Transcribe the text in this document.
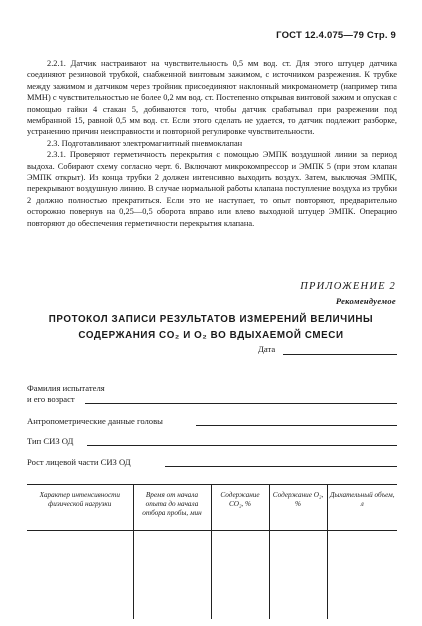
ГОСТ 12.4.075—79 Стр. 9

2.2.1. Датчик настраивают на чувствительность 0,5 мм вод. ст. Для этого штуцер датчика соединяют резиновой трубкой, снабженной винтовым зажимом, с источником разрежения. К трубке между зажимом и датчиком через тройник присоединяют наклонный микроманометр (например типа ММН) с чувствительностью не более 0,2 мм вод. ст. Постепенно открывая винтовой зажим и опуская с помощью гайки 4 стакан 5, добиваются того, чтобы датчик срабатывал при разрежении под мембранной 15, равной 0,5 мм вод. ст. Если этого сделать не удается, то датчик подлежит разборке, устранению причин неисправности и повторной регулировке чувствительности.

2.3. Подготавливают электромагнитный пневмоклапан

2.3.1. Проверяют герметичность перекрытия с помощью ЭМПК воздушной линии за период выдоха. Собирают схему согласно черт. 6. Включают микрокомпрессор и ЭМПК 5 (при этом клапан ЭМПК открыт). Из конца трубки 2 должен интенсивно выходить воздух. Затем, выключая ЭМПК, перекрывают воздушную линию. В случае нормальной работы клапана поступление воздуха из трубки 2 должно полностью прекратиться. Если это не наступает, то опыт повторяют, предварительно осторожно повернув на 0,25—0,5 оборота вправо или влево выходной штуцер ЭМПК. Операцию повторяют до обеспечения герметичности перекрытия клапана.

ПРИЛОЖЕНИЕ 2
Рекомендуемое
ПРОТОКОЛ ЗАПИСИ РЕЗУЛЬТАТОВ ИЗМЕРЕНИЙ ВЕЛИЧИНЫ
СОДЕРЖАНИЯ CO₂ И O₂ ВО ВДЫХАЕМОЙ СМЕСИ
Дата
Фамилия испытателя
и его возраст
Антропометрические данные головы
Тип СИЗ ОД
Рост лицевой части СИЗ ОД
Характер интенсивности физической нагрузки	Время от начала опыта до начала отбора пробы, мин	Содержание CO₂, %	Содержание O₂, %	Дыхательный объем, л
